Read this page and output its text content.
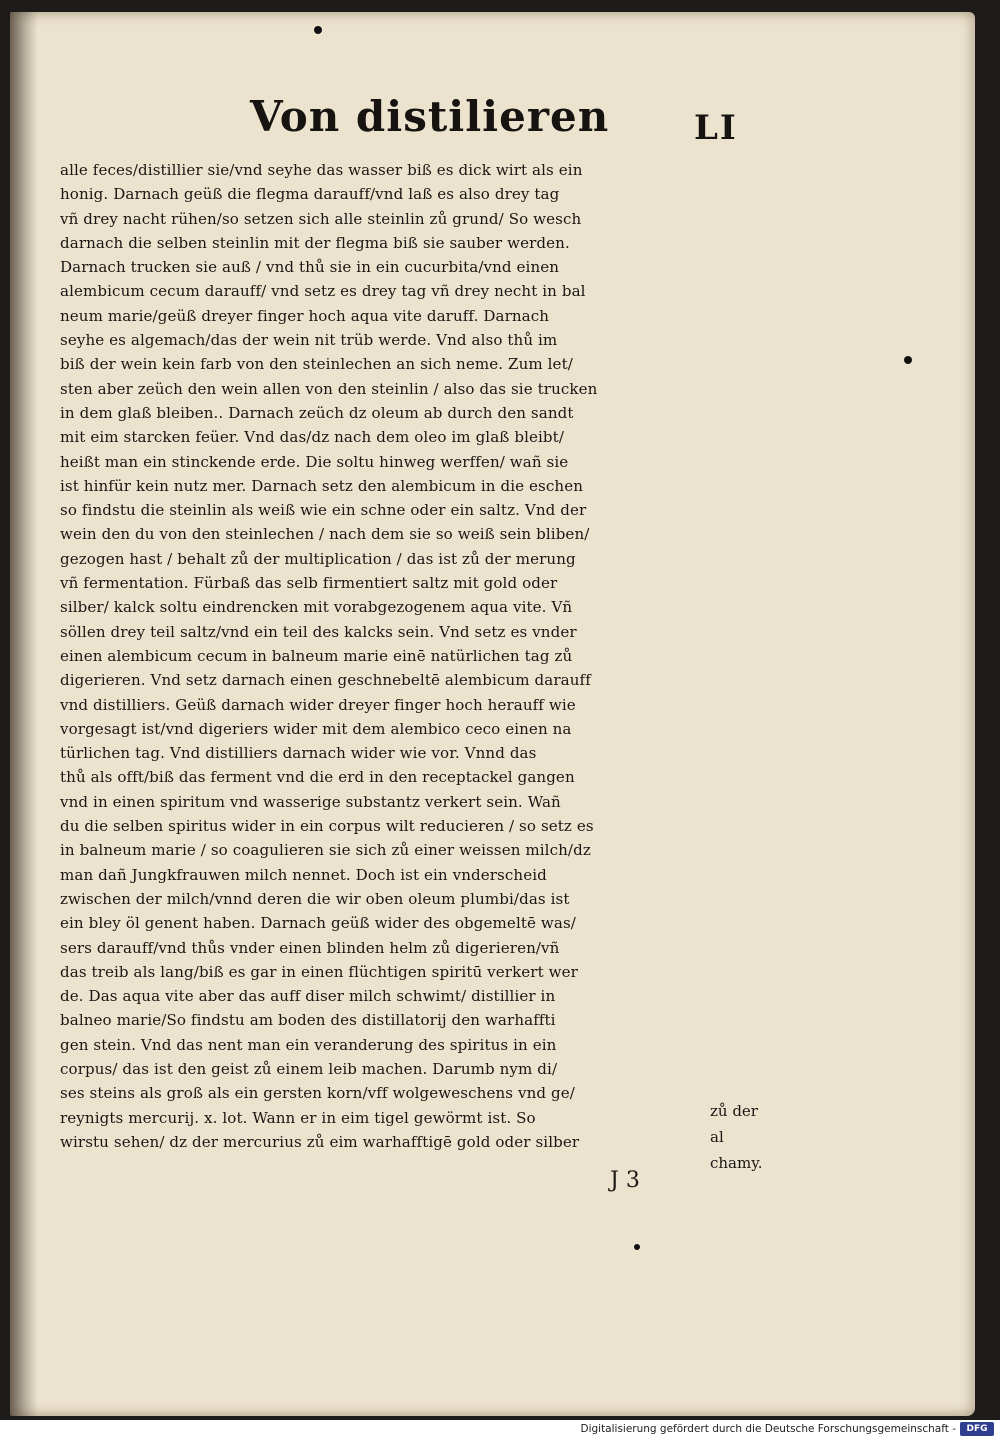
Von distilieren LI
alle feces/distillier sie/vnd seyhe das wasser biß es dick wirt als ein
honig. Darnach geüß die flegma darauff/vnd laß es also drey tag
vñ drey nacht rühen/so setzen sich alle steinlin zů grund/ So wesch
darnach die selben steinlin mit der flegma biß sie sauber werden.
Darnach trucken sie auß / vnd thů sie in ein cucurbita/vnd einen
alembicum cecum darauff/ vnd setz es drey tag vñ drey necht in bal
neum marie/geüß dreyer finger hoch aqua vite daruff. Darnach
seyhe es algemach/das der wein nit trüb werde. Vnd also thů im
biß der wein kein farb von den steinlechen an sich neme. Zum let/
sten aber zeüch den wein allen von den steinlin / also das sie trucken
in dem glaß bleiben.. Darnach zeüch dz oleum ab durch den sandt
mit eim starcken feüer. Vnd das/dz nach dem oleo im glaß bleibt/
heißt man ein stinckende erde. Die soltu hinweg werffen/ wañ sie
ist hinfür kein nutz mer. Darnach setz den alembicum in die eschen
so findstu die steinlin als weiß wie ein schne oder ein saltz. Vnd der
wein den du von den steinlechen / nach dem sie so weiß sein bliben/
gezogen hast / behalt zů der multiplication / das ist zů der merung
vñ fermentation. Fürbaß das selb firmentiert saltz mit gold oder
silber/ kalck soltu eindrencken mit vorabgezogenem aqua vite. Vñ
söllen drey teil saltz/vnd ein teil des kalcks sein. Vnd setz es vnder
einen alembicum cecum in balneum marie einē natürlichen tag zů
digerieren. Vnd setz darnach einen geschnebeltē alembicum darauff
vnd distilliers. Geüß darnach wider dreyer finger hoch herauff wie
vorgesagt ist/vnd digeriers wider mit dem alembico ceco einen na
türlichen tag. Vnd distilliers darnach wider wie vor. Vnnd das
thů als offt/biß das ferment vnd die erd in den receptackel gangen
vnd in einen spiritum vnd wasserige substantz verkert sein. Wañ
du die selben spiritus wider in ein corpus wilt reducieren / so setz es
in balneum marie / so coagulieren sie sich zů einer weissen milch/dz
man dañ Jungkfrauwen milch nennet. Doch ist ein vnderscheid
zwischen der milch/vnnd deren die wir oben oleum plumbi/das ist
ein bley öl genent haben. Darnach geüß wider des obgemeltē was/
sers darauff/vnd thůs vnder einen blinden helm zů digerieren/vñ
das treib als lang/biß es gar in einen flüchtigen spiritū verkert wer
de. Das aqua vite aber das auff diser milch schwimt/ distillier in
balneo marie/So findstu am boden des distillatorij den warhaffti
gen stein. Vnd das nent man ein veranderung des spiritus in ein
corpus/ das ist den geist zů einem leib machen. Darumb nym di/
ses steins als groß als ein gersten korn/vff wolgeweschens vnd ge/
reynigts mercurij. x. lot. Wann er in eim tigel gewörmt ist. So
wirstu sehen/ dz der mercurius zů eim warhafftigē gold oder silber
zů der al
chamy.
J 3
Digitalisierung gefördert durch die Deutsche Forschungsgemeinschaft -	DFG
